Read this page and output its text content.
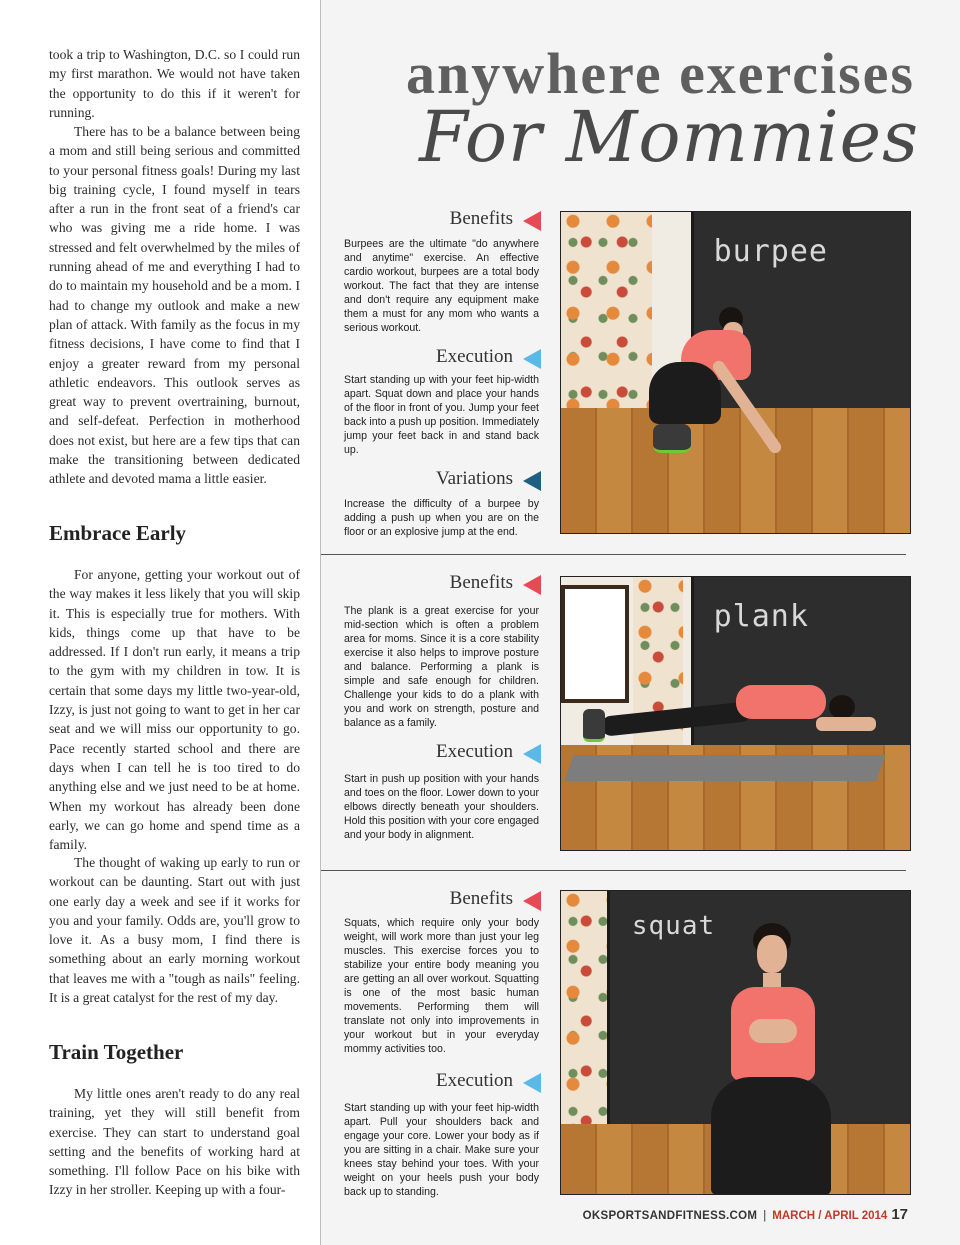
took a trip to Washington, D.C. so I could run my first marathon. We would not have taken the opportunity to do this if it weren't for running.

There has to be a balance between being a mom and still being serious and committed to your personal fitness goals! During my last big training cycle, I found myself in tears after a run in the front seat of a friend's car who was giving me a ride home. I was stressed and felt overwhelmed by the miles of running ahead of me and everything I had to do to maintain my household and be a mom. I had to change my outlook and make a new plan of attack. With family as the focus in my fitness decisions, I have come to find that I enjoy a greater reward from my personal athletic endeavors. This outlook serves as great way to prevent overtraining, burnout, and self-defeat. Perfection in motherhood does not exist, but here are a few tips that can make the transitioning between dedicated athlete and devoted mama a little easier.

Embrace Early

For anyone, getting your workout out of the way makes it less likely that you will skip it. This is especially true for mothers. With kids, things come up that have to be addressed. If I don't run early, it means a trip to the gym with my children in tow. It is certain that some days my little two-year-old, Izzy, is just not going to want to get in her car seat and we will miss our opportunity to go. Pace recently started school and there are days when I can tell he is too tired to do anything else and we just need to be at home. When my workout has already been done early, we can go home and spend time as a family.

The thought of waking up early to run or workout can be daunting. Start out with just one early day a week and see if it works for you and your family. Odds are, you'll grow to love it. As a busy mom, I find there is something about an early morning workout that leaves me with a "tough as nails" feeling. It is a great catalyst for the rest of my day.

Train Together

My little ones aren't ready to do any real training, yet they will still benefit from exercise. They can start to understand goal setting and the benefits of working hard at something. I'll follow Pace on his bike with Izzy in her stroller. Keeping up with a four-

anywhere exercises
For Mommies
Benefits

Burpees are the ultimate "do anywhere and anytime" exercise. An effective cardio workout, burpees are a total body workout. The fact that they are intense and don't require any equipment make them a must for any mom who wants a serious workout.

Execution

Start standing up with your feet hip-width apart. Squat down and place your hands of the floor in front of you. Jump your feet back into a push up position. Immediately jump your feet back in and stand back up.

Variations

Increase the difficulty of a burpee by adding a push up when you are on the floor or an explosive jump at the end.

burpee
Benefits

The plank is a great exercise for your mid-section which is often a problem area for moms. Since it is a core stability exercise it also helps to improve posture and balance. Performing a plank is simple and safe enough for children. Challenge your kids to do a plank with you and work on strength, posture and balance as a family.

Execution

Start in push up position with your hands and toes on the floor. Lower down to your elbows directly beneath your shoulders. Hold this position with your core engaged and your body in alignment.

plank
Benefits

Squats, which require only your body weight, will work more than just your leg muscles. This exercise forces you to stabilize your entire body meaning you are getting an all over workout. Squatting is one of the most basic human movements. Performing them will translate not only into improvements in your workout but in your everyday mommy activities too.

Execution

Start standing up with your feet hip-width apart. Pull your shoulders back and engage your core. Lower your body as if you are sitting in a chair. Make sure your knees stay behind your toes. With your weight on your heels push your body back up to standing.

squat

OKSPORTSANDFITNESS.COM | MARCH / APRIL 2014 17
